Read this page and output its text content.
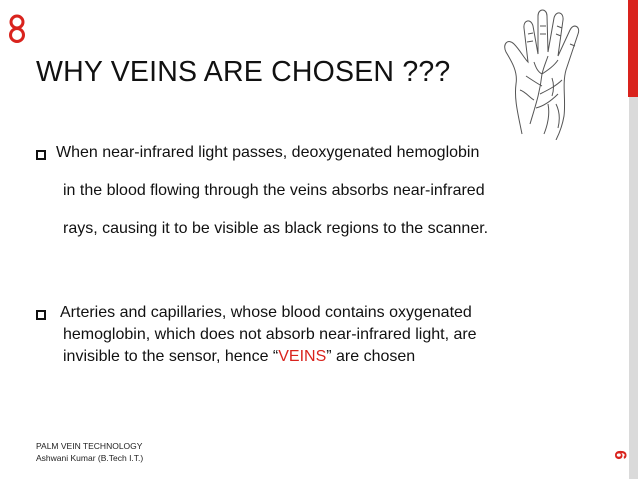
WHY VEINS ARE CHOSEN ???
6
When near-infrared light passes, deoxygenated hemoglobin
in the blood flowing through the veins absorbs near-infrared
rays, causing it to be visible as black regions to the scanner.
Arteries and capillaries, whose blood contains oxygenated
hemoglobin, which does not absorb near-infrared light, are
invisible to the sensor, hence “VEINS” are chosen
PALM VEIN TECHNOLOGY
Ashwani Kumar (B.Tech I.T.)
